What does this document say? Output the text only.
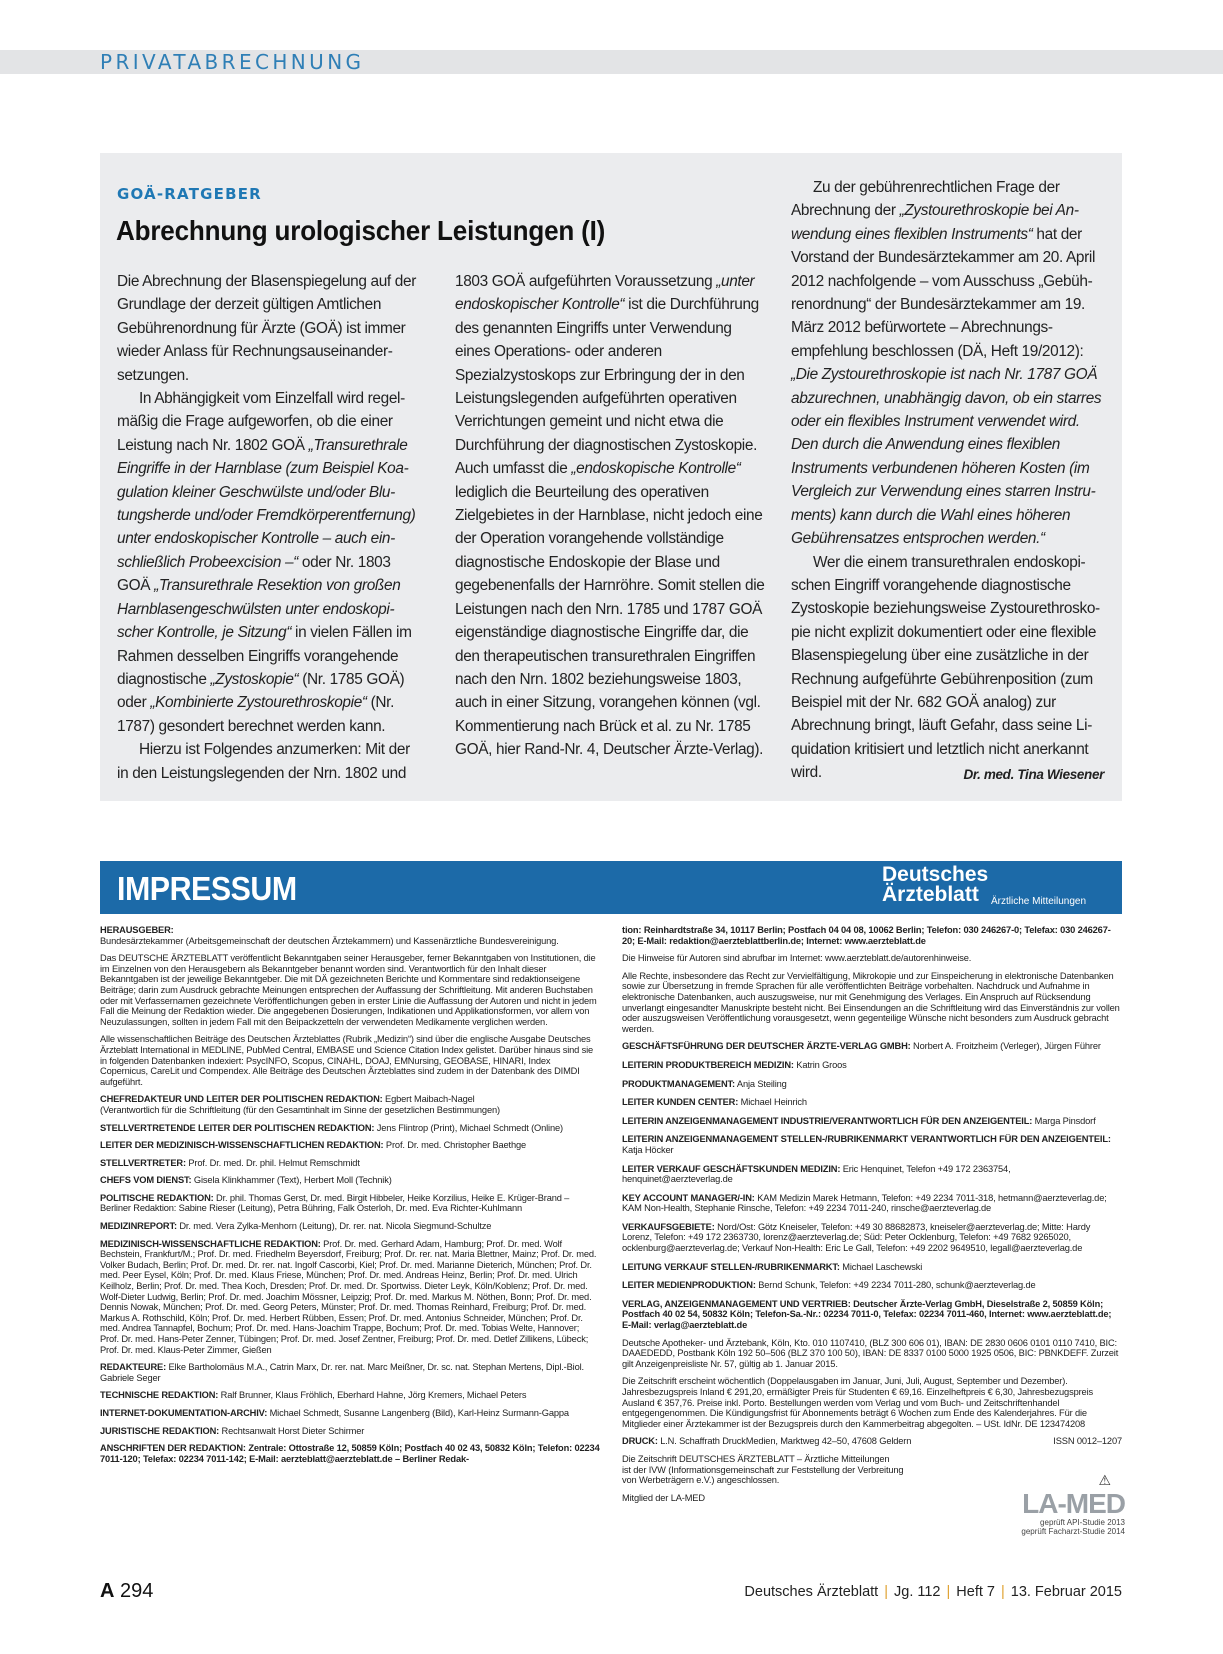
PRIVATABRECHNUNG
GOÄ-RATGEBER
Abrechnung urologischer Leistungen (I)

Die Abrechnung der Blasenspiegelung auf der Grundlage der derzeit gültigen Amtlichen Gebührenordnung für Ärzte (GOÄ) ist immer wieder Anlass für Rechnungsauseinandersetzungen.

In Abhängigkeit vom Einzelfall wird regelmäßig die Frage aufgeworfen, ob die einer Leistung nach Nr. 1802 GOÄ „Transurethrale Eingriffe in der Harnblase (zum Beispiel Koagulation kleiner Geschwülste und/oder Blutungsherde und/oder Fremdkörperentfernung) unter endoskopischer Kontrolle – auch einschließlich Probeexcision –“ oder Nr. 1803 GOÄ „Transurethrale Resektion von großen Harnblasengeschwülsten unter endoskopischer Kontrolle, je Sitzung“ in vielen Fällen im Rahmen desselben Eingriffs vorangehende diagnostische „Zystoskopie“ (Nr. 1785 GOÄ) oder „Kombinierte Zystourethroskopie“ (Nr. 1787) gesondert berechnet werden kann.

Hierzu ist Folgendes anzumerken: Mit der in den Leistungslegenden der Nrn. 1802 und

1803 GOÄ aufgeführten Voraussetzung „unter endoskopischer Kontrolle“ ist die Durchführung des genannten Eingriffs unter Verwendung eines Operations- oder anderen Spezialzystoskops zur Erbringung der in den Leistungslegenden aufgeführten operativen Verrichtungen gemeint und nicht etwa die Durchführung der diagnostischen Zystoskopie. Auch umfasst die „endoskopische Kontrolle“ lediglich die Beurteilung des operativen Zielgebietes in der Harnblase, nicht jedoch eine der Operation vorangehende vollständige diagnostische Endoskopie der Blase und gegebenenfalls der Harnröhre. Somit stellen die Leistungen nach den Nrn. 1785 und 1787 GOÄ eigenständige diagnostische Eingriffe dar, die den therapeutischen transurethralen Eingriffen nach den Nrn. 1802 beziehungsweise 1803, auch in einer Sitzung, vorangehen können (vgl. Kommentierung nach Brück et al. zu Nr. 1785 GOÄ, hier Rand-Nr. 4, Deutscher Ärzte-Verlag).

Zu der gebührenrechtlichen Frage der Abrechnung der „Zystourethroskopie bei Anwendung eines flexiblen Instruments“ hat der Vorstand der Bundesärztekammer am 20. April 2012 nachfolgende – vom Ausschuss „Gebührenordnung“ der Bundesärztekammer am 19. März 2012 befürwortete – Abrechnungsempfehlung beschlossen (DÄ, Heft 19/2012): „Die Zystourethroskopie ist nach Nr. 1787 GOÄ abzurechnen, unabhängig davon, ob ein starres oder ein flexibles Instrument verwendet wird. Den durch die Anwendung eines flexiblen Instruments verbundenen höheren Kosten (im Vergleich zur Verwendung eines starren Instruments) kann durch die Wahl eines höheren Gebührensatzes entsprochen werden.“

Wer die einem transurethralen endoskopischen Eingriff vorangehende diagnostische Zystoskopie beziehungsweise Zystourethroskopie nicht explizit dokumentiert oder eine flexible Blasenspiegelung über eine zusätzliche in der Rechnung aufgeführte Gebührenposition (zum Beispiel mit der Nr. 682 GOÄ analog) zur Abrechnung bringt, läuft Gefahr, dass seine Liquidation kritisiert und letztlich nicht anerkannt wird.	Dr. med. Tina Wiesener
IMPRESSUM	Deutsches
Ärzteblatt Ärztliche Mitteilungen

HERAUSGEBER:
Bundesärztekammer (Arbeitsgemeinschaft der deutschen Ärztekammern) und Kassenärztliche Bundesvereinigung.

Das DEUTSCHE ÄRZTEBLATT veröffentlicht Bekanntgaben seiner Herausgeber, ferner Bekanntgaben von Institutionen, die im Einzelnen von den Herausgebern als Bekanntgeber benannt worden sind. Verantwortlich für den Inhalt dieser Bekanntgaben ist der jeweilige Bekanntgeber. Die mit DÄ gezeichneten Berichte und Kommentare sind redaktionseigene Beiträge; darin zum Ausdruck gebrachte Meinungen entsprechen der Auffassung der Schriftleitung. Mit anderen Buchstaben oder mit Verfassernamen gezeichnete Veröffentlichungen geben in erster Linie die Auffassung der Autoren und nicht in jedem Fall die Meinung der Redaktion wieder. Die angegebenen Dosierungen, Indikationen und Applikationsformen, vor allem von Neuzulassungen, sollten in jedem Fall mit den Beipackzetteln der verwendeten Medikamente verglichen werden.

Alle wissenschaftlichen Beiträge des Deutschen Ärzteblattes (Rubrik „Medizin“) sind über die englische Ausgabe Deutsches Ärzteblatt International in MEDLINE, PubMed Central, EMBASE und Science Citation Index gelistet. Darüber hinaus sind sie in folgenden Datenbanken indexiert: PsycINFO, Scopus, CINAHL, DOAJ, EMNursing, GEOBASE, HINARI, Index Copernicus, CareLit und Compendex. Alle Beiträge des Deutschen Ärzteblattes sind zudem in der Datenbank des DIMDI aufgeführt.

CHEFREDAKTEUR UND LEITER DER POLITISCHEN REDAKTION: Egbert Maibach-Nagel
(Verantwortlich für die Schriftleitung (für den Gesamtinhalt im Sinne der gesetzlichen Bestimmungen)

STELLVERTRETENDE LEITER DER POLITISCHEN REDAKTION: Jens Flintrop (Print), Michael Schmedt (Online)

LEITER DER MEDIZINISCH-WISSENSCHAFTLICHEN REDAKTION: Prof. Dr. med. Christopher Baethge

STELLVERTRETER: Prof. Dr. med. Dr. phil. Helmut Remschmidt

CHEFS VOM DIENST: Gisela Klinkhammer (Text), Herbert Moll (Technik)

POLITISCHE REDAKTION: Dr. phil. Thomas Gerst, Dr. med. Birgit Hibbeler, Heike Korzilius, Heike E. Krüger-Brand – Berliner Redaktion: Sabine Rieser (Leitung), Petra Bühring, Falk Osterloh, Dr. med. Eva Richter-Kuhlmann

MEDIZINREPORT: Dr. med. Vera Zylka-Menhorn (Leitung), Dr. rer. nat. Nicola Siegmund-Schultze

MEDIZINISCH-WISSENSCHAFTLICHE REDAKTION: Prof. Dr. med. Gerhard Adam, Hamburg; Prof. Dr. med. Wolf Bechstein, Frankfurt/M.; Prof. Dr. med. Friedhelm Beyersdorf, Freiburg; Prof. Dr. rer. nat. Maria Blettner, Mainz; Prof. Dr. med. Volker Budach, Berlin; Prof. Dr. med. Dr. rer. nat. Ingolf Cascorbi, Kiel; Prof. Dr. med. Marianne Dieterich, München; Prof. Dr. med. Peer Eysel, Köln; Prof. Dr. med. Klaus Friese, München; Prof. Dr. med. Andreas Heinz, Berlin; Prof. Dr. med. Ulrich Keilholz, Berlin; Prof. Dr. med. Thea Koch, Dresden; Prof. Dr. med. Dr. Sportwiss. Dieter Leyk, Köln/Koblenz; Prof. Dr. med. Wolf-Dieter Ludwig, Berlin; Prof. Dr. med. Joachim Mössner, Leipzig; Prof. Dr. med. Markus M. Nöthen, Bonn; Prof. Dr. med. Dennis Nowak, München; Prof. Dr. med. Georg Peters, Münster; Prof. Dr. med. Thomas Reinhard, Freiburg; Prof. Dr. med. Markus A. Rothschild, Köln; Prof. Dr. med. Herbert Rübben, Essen; Prof. Dr. med. Antonius Schneider, München; Prof. Dr. med. Andrea Tannapfel, Bochum; Prof. Dr. med. Hans-Joachim Trappe, Bochum; Prof. Dr. med. Tobias Welte, Hannover; Prof. Dr. med. Hans-Peter Zenner, Tübingen; Prof. Dr. med. Josef Zentner, Freiburg; Prof. Dr. med. Detlef Zillikens, Lübeck; Prof. Dr. med. Klaus-Peter Zimmer, Gießen

REDAKTEURE: Elke Bartholomäus M.A., Catrin Marx, Dr. rer. nat. Marc Meißner, Dr. sc. nat. Stephan Mertens, Dipl.-Biol. Gabriele Seger

TECHNISCHE REDAKTION: Ralf Brunner, Klaus Fröhlich, Eberhard Hahne, Jörg Kremers, Michael Peters

INTERNET-DOKUMENTATION-ARCHIV: Michael Schmedt, Susanne Langenberg (Bild), Karl-Heinz Surmann-Gappa

JURISTISCHE REDAKTION: Rechtsanwalt Horst Dieter Schirmer

ANSCHRIFTEN DER REDAKTION: Zentrale: Ottostraße 12, 50859 Köln; Postfach 40 02 43, 50832 Köln; Telefon: 02234 7011-120; Telefax: 02234 7011-142; E-Mail: aerzteblatt@aerzteblatt.de – Berliner Redak-

tion: Reinhardtstraße 34, 10117 Berlin; Postfach 04 04 08, 10062 Berlin; Telefon: 030 246267-0; Telefax: 030 246267-20; E-Mail: redaktion@aerzteblattberlin.de; Internet: www.aerzteblatt.de

Die Hinweise für Autoren sind abrufbar im Internet: www.aerzteblatt.de/autorenhinweise.

Alle Rechte, insbesondere das Recht zur Vervielfältigung, Mikrokopie und zur Einspeicherung in elektronische Datenbanken sowie zur Übersetzung in fremde Sprachen für alle veröffentlichten Beiträge vorbehalten. Nachdruck und Aufnahme in elektronische Datenbanken, auch auszugsweise, nur mit Genehmigung des Verlages. Ein Anspruch auf Rücksendung unverlangt eingesandter Manuskripte besteht nicht. Bei Einsendungen an die Schriftleitung wird das Einverständnis zur vollen oder auszugsweisen Veröffentlichung vorausgesetzt, wenn gegenteilige Wünsche nicht besonders zum Ausdruck gebracht werden.

GESCHÄFTSFÜHRUNG DER DEUTSCHER ÄRZTE-VERLAG GMBH: Norbert A. Froitzheim (Verleger), Jürgen Führer

LEITERIN PRODUKTBEREICH MEDIZIN: Katrin Groos

PRODUKTMANAGEMENT: Anja Steiling

LEITER KUNDEN CENTER: Michael Heinrich

LEITERIN ANZEIGENMANAGEMENT INDUSTRIE/VERANTWORTLICH FÜR DEN ANZEIGENTEIL: Marga Pinsdorf

LEITERIN ANZEIGENMANAGEMENT STELLEN-/RUBRIKENMARKT VERANTWORTLICH FÜR DEN ANZEIGENTEIL: Katja Höcker

LEITER VERKAUF GESCHÄFTSKUNDEN MEDIZIN: Eric Henquinet, Telefon +49 172 2363754, henquinet@aerzteverlag.de

KEY ACCOUNT MANAGER/-IN: KAM Medizin Marek Hetmann, Telefon: +49 2234 7011-318, hetmann@aerzteverlag.de; KAM Non-Health, Stephanie Rinsche, Telefon: +49 2234 7011-240, rinsche@aerzteverlag.de

VERKAUFSGEBIETE: Nord/Ost: Götz Kneiseler, Telefon: +49 30 88682873, kneiseler@aerzteverlag.de; Mitte: Hardy Lorenz, Telefon: +49 172 2363730, lorenz@aerzteverlag.de; Süd: Peter Ocklenburg, Telefon: +49 7682 9265020, ocklenburg@aerzteverlag.de; Verkauf Non-Health: Eric Le Gall, Telefon: +49 2202 9649510, legall@aerzteverlag.de

LEITUNG VERKAUF STELLEN-/RUBRIKENMARKT: Michael Laschewski

LEITER MEDIENPRODUKTION: Bernd Schunk, Telefon: +49 2234 7011-280, schunk@aerzteverlag.de

VERLAG, ANZEIGENMANAGEMENT UND VERTRIEB: Deutscher Ärzte-Verlag GmbH, Dieselstraße 2, 50859 Köln; Postfach 40 02 54, 50832 Köln; Telefon-Sa.-Nr.: 02234 7011-0, Telefax: 02234 7011-460, Internet: www.aerzteblatt.de; E-Mail: verlag@aerzteblatt.de

Deutsche Apotheker- und Ärztebank, Köln, Kto. 010 1107410, (BLZ 300 606 01), IBAN: DE 2830 0606 0101 0110 7410, BIC: DAAEDEDD, Postbank Köln 192 50–506 (BLZ 370 100 50), IBAN: DE 8337 0100 5000 1925 0506, BIC: PBNKDEFF. Zurzeit gilt Anzeigenpreisliste Nr. 57, gültig ab 1. Januar 2015.

Die Zeitschrift erscheint wöchentlich (Doppelausgaben im Januar, Juni, Juli, August, September und Dezember). Jahresbezugspreis Inland € 291,20, ermäßigter Preis für Studenten € 69,16. Einzelheftpreis € 6,30, Jahresbezugspreis Ausland € 357,76. Preise inkl. Porto. Bestellungen werden vom Verlag und vom Buch- und Zeitschriftenhandel entgegengenommen. Die Kündigungsfrist für Abonnements beträgt 6 Wochen zum Ende des Kalenderjahres. Für die Mitglieder einer Ärztekammer ist der Bezugspreis durch den Kammerbeitrag abgegolten. – USt. IdNr. DE 123474208

DRUCK: L.N. Schaffrath DruckMedien, Marktweg 42–50, 47608 Geldern	ISSN 0012–1207

Die Zeitschrift DEUTSCHES ÄRZTEBLATT – Ärztliche Mitteilungen
ist der IVW (Informationsgemeinschaft zur Feststellung der Verbreitung
von Werbeträgern e.V.) angeschlossen.

Mitglied der LA-MED

⚠
LA-MED
geprüft API-Studie 2013
geprüft Facharzt-Studie 2014
A 294	Deutsches Ärzteblatt | Jg. 112 | Heft 7 | 13. Februar 2015
